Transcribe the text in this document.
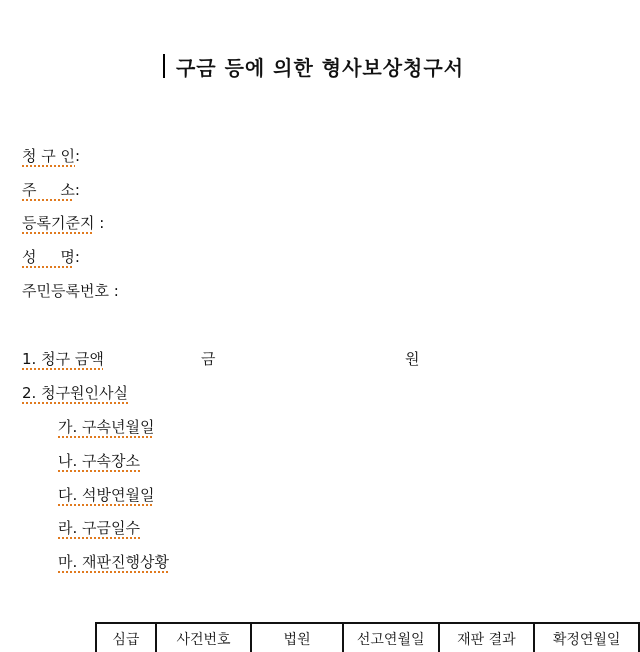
구금 등에 의한 형사보상청구서
청 구 인:
주     소:
등록기준지 :
성     명:
주민등록번호 :
1. 청구 금액	금	원
2. 청구원인사실
가. 구속년월일
나. 구속장소
다. 석방연월일
라. 구금일수
마. 재판진행상황
심급	사건번호	법원	선고연월일	재판 결과	확정연월일
